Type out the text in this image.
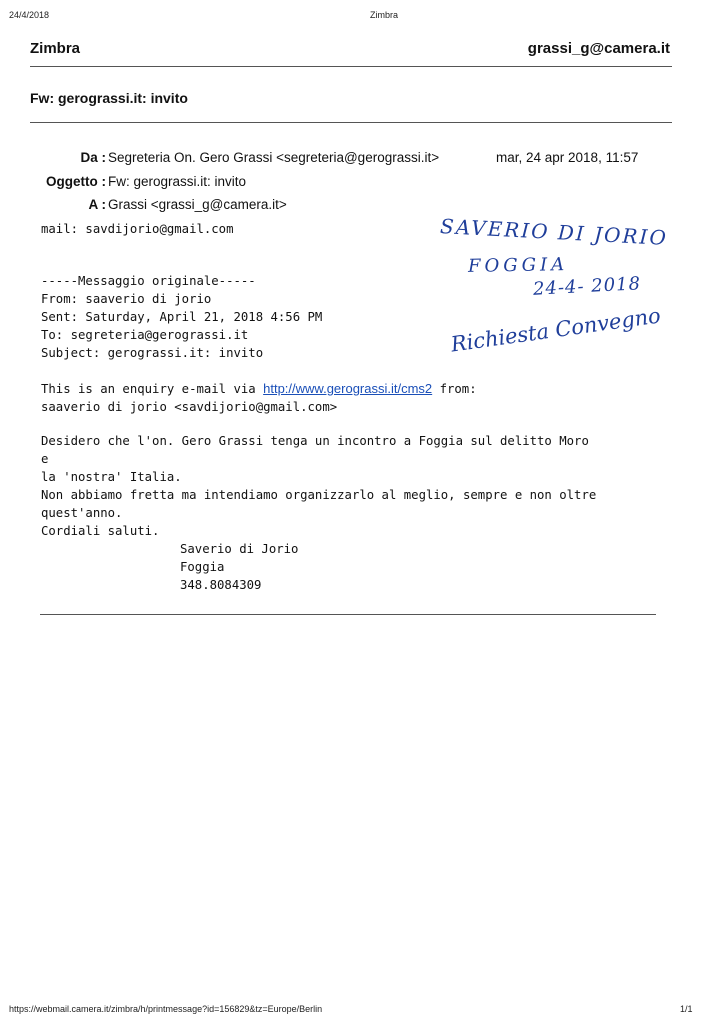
24/4/2018	Zimbra
Zimbra	grassi_g@camera.it
Fw: gerograssi.it: invito
Da : Segreteria On. Gero Grassi <segreteria@gerograssi.it>	mar, 24 apr 2018, 11:57
Oggetto : Fw: gerograssi.it: invito
A : Grassi <grassi_g@camera.it>
mail: savdijorio@gmail.com
-----Messaggio originale-----
From: saaverio di jorio
Sent: Saturday, April 21, 2018 4:56 PM
To: segreteria@gerograssi.it
Subject: gerograssi.it: invito
This is an enquiry e-mail via http://www.gerograssi.it/cms2 from:
saaverio di jorio <savdijorio@gmail.com>
Desidero che l'on. Gero Grassi tenga un incontro a Foggia sul delitto Moro
e
la 'nostra' Italia.
Non abbiamo fretta ma intendiamo organizzarlo al meglio, sempre e non oltre
quest'anno.
Cordiali saluti.
Saverio di Jorio
Foggia
348.8084309
SAVERIO DI JORIO
FOGGIA
24-4- 2018
Richiesta Convegno
https://webmail.camera.it/zimbra/h/printmessage?id=156829&tz=Europe/Berlin	1/1
